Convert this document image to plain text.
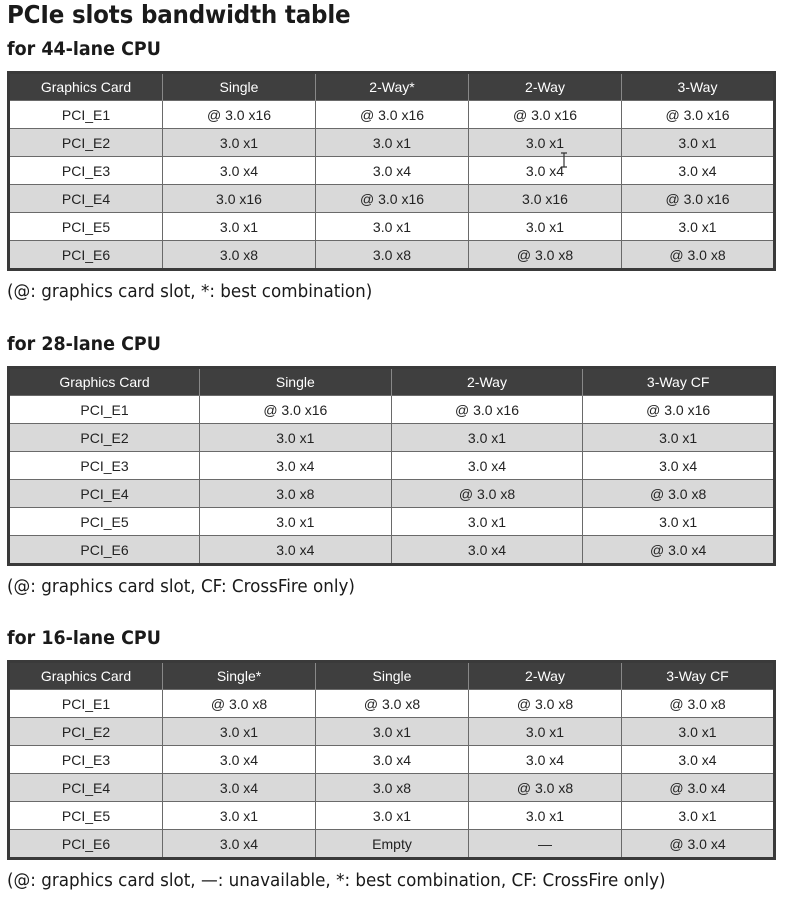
PCIe slots bandwidth table
for 44-lane CPU
Graphics Card	Single	2-Way*	2-Way	3-Way
PCI_E1	@ 3.0 x16	@ 3.0 x16	@ 3.0 x16	@ 3.0 x16
PCI_E2	3.0 x1	3.0 x1	3.0 x1	3.0 x1
PCI_E3	3.0 x4	3.0 x4	3.0 x4	3.0 x4
PCI_E4	3.0 x16	@ 3.0 x16	3.0 x16	@ 3.0 x16
PCI_E5	3.0 x1	3.0 x1	3.0 x1	3.0 x1
PCI_E6	3.0 x8	3.0 x8	@ 3.0 x8	@ 3.0 x8
(@: graphics card slot, *: best combination)
for 28-lane CPU
Graphics Card	Single	2-Way	3-Way CF
PCI_E1	@ 3.0 x16	@ 3.0 x16	@ 3.0 x16
PCI_E2	3.0 x1	3.0 x1	3.0 x1
PCI_E3	3.0 x4	3.0 x4	3.0 x4
PCI_E4	3.0 x8	@ 3.0 x8	@ 3.0 x8
PCI_E5	3.0 x1	3.0 x1	3.0 x1
PCI_E6	3.0 x4	3.0 x4	@ 3.0 x4
(@: graphics card slot, CF: CrossFire only)
for 16-lane CPU
Graphics Card	Single*	Single	2-Way	3-Way CF
PCI_E1	@ 3.0 x8	@ 3.0 x8	@ 3.0 x8	@ 3.0 x8
PCI_E2	3.0 x1	3.0 x1	3.0 x1	3.0 x1
PCI_E3	3.0 x4	3.0 x4	3.0 x4	3.0 x4
PCI_E4	3.0 x4	3.0 x8	@ 3.0 x8	@ 3.0 x4
PCI_E5	3.0 x1	3.0 x1	3.0 x1	3.0 x1
PCI_E6	3.0 x4	Empty	—	@ 3.0 x4
(@: graphics card slot, —: unavailable, *: best combination, CF: CrossFire only)
